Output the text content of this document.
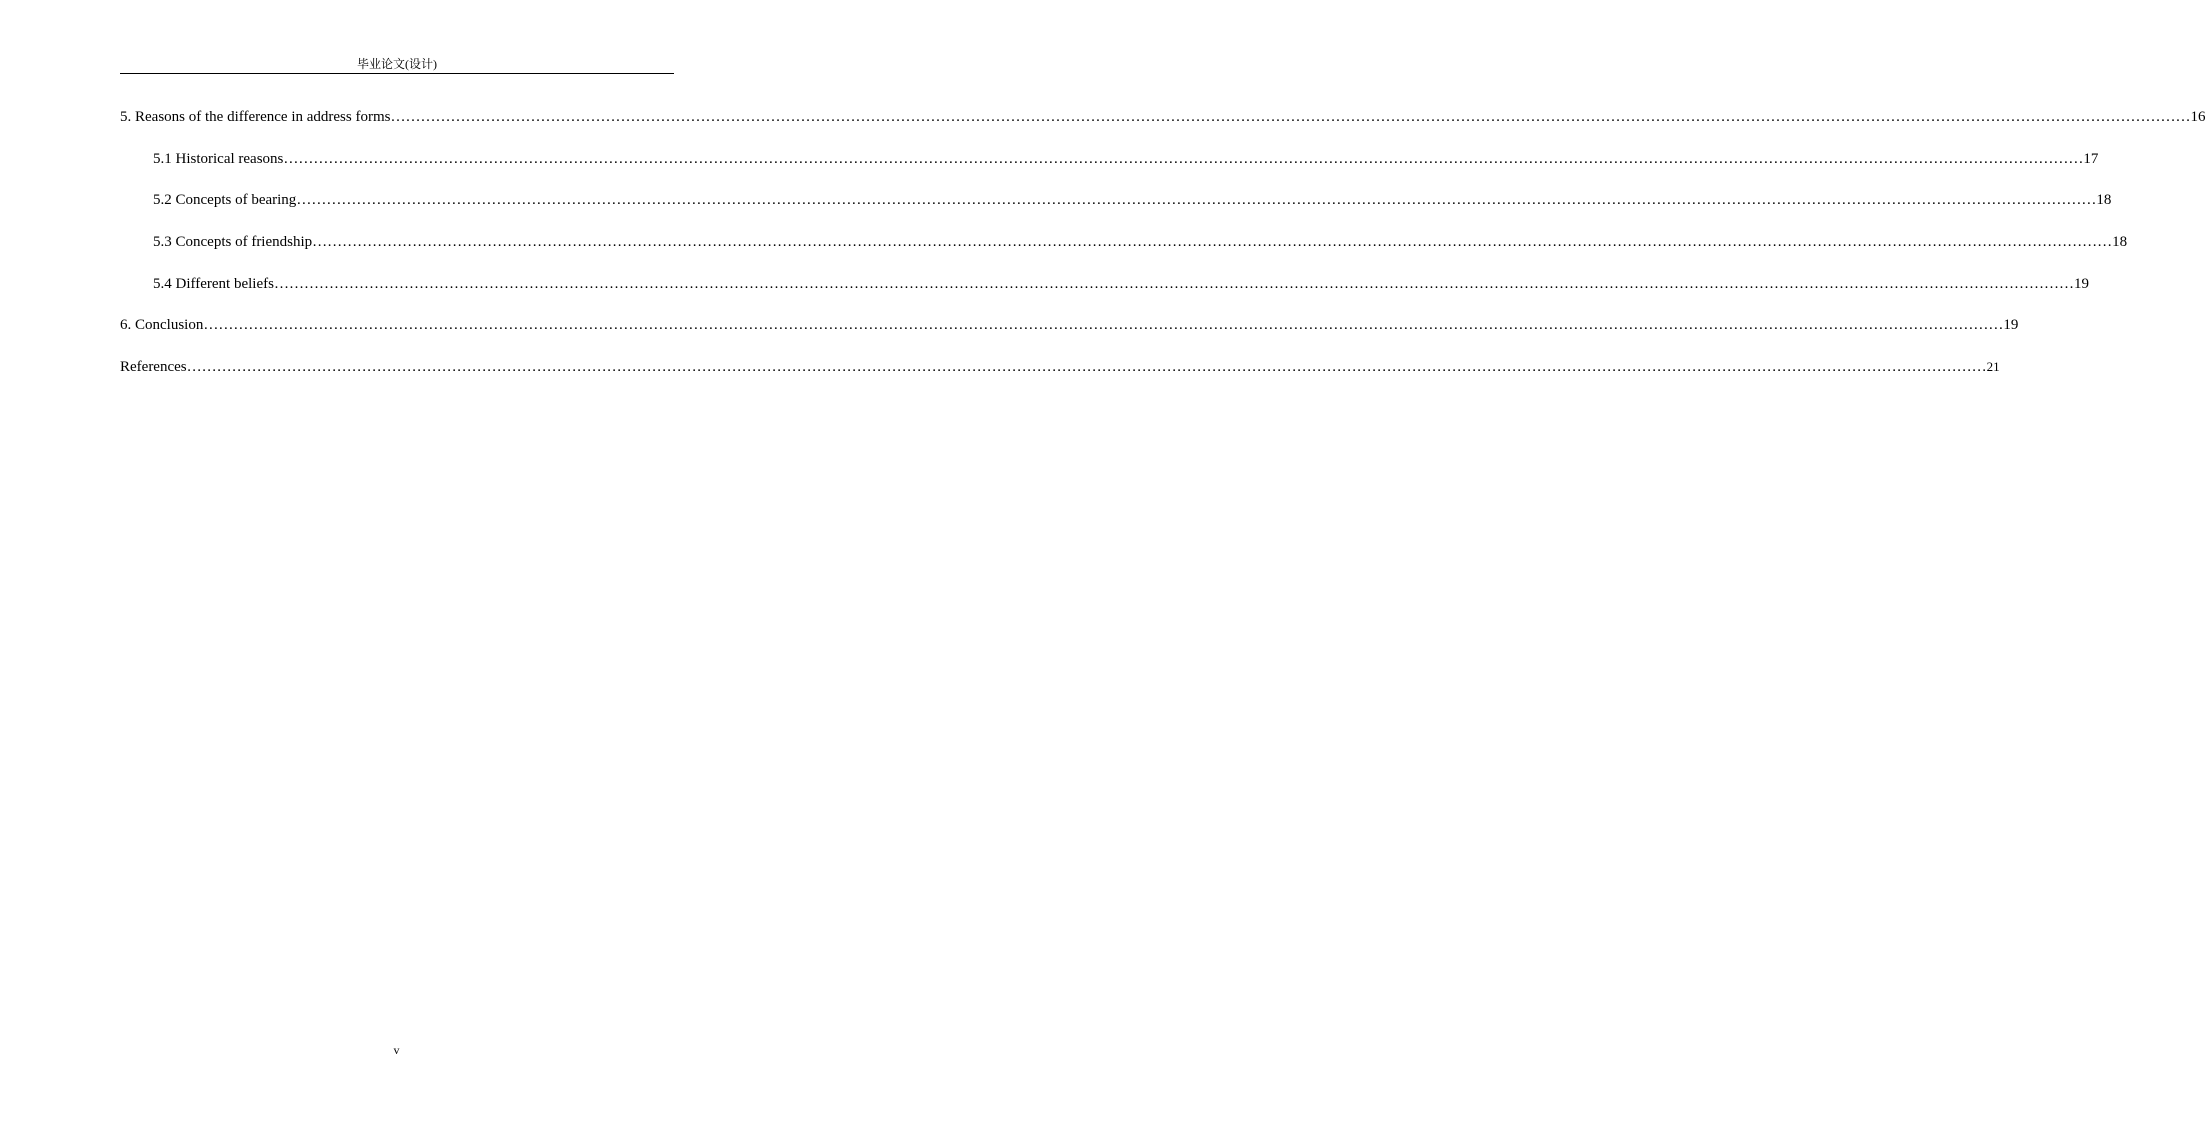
毕业论文(设计)
5. Reasons of the difference in address forms ……………………………………………………………………………………………………………………………………………………………………………………………………………………………………………………………………………………………………………………………… 16
5.1 Historical reasons ……………………………………………………………………………………………………………………………………………………………………………………………………………………………………………………………………………………………………………………………… 17
5.2 Concepts of bearing ……………………………………………………………………………………………………………………………………………………………………………………………………………………………………………………………………………………………………………………………… 18
5.3 Concepts of friendship ……………………………………………………………………………………………………………………………………………………………………………………………………………………………………………………………………………………………………………………………… 18
5.4 Different beliefs ……………………………………………………………………………………………………………………………………………………………………………………………………………………………………………………………………………………………………………………………… 19
6. Conclusion ……………………………………………………………………………………………………………………………………………………………………………………………………………………………………………………………………………………………………………………………… 19
References ……………………………………………………………………………………………………………………………………………………………………………………………………………………………………………………………………………………………………………………………… 21
v
